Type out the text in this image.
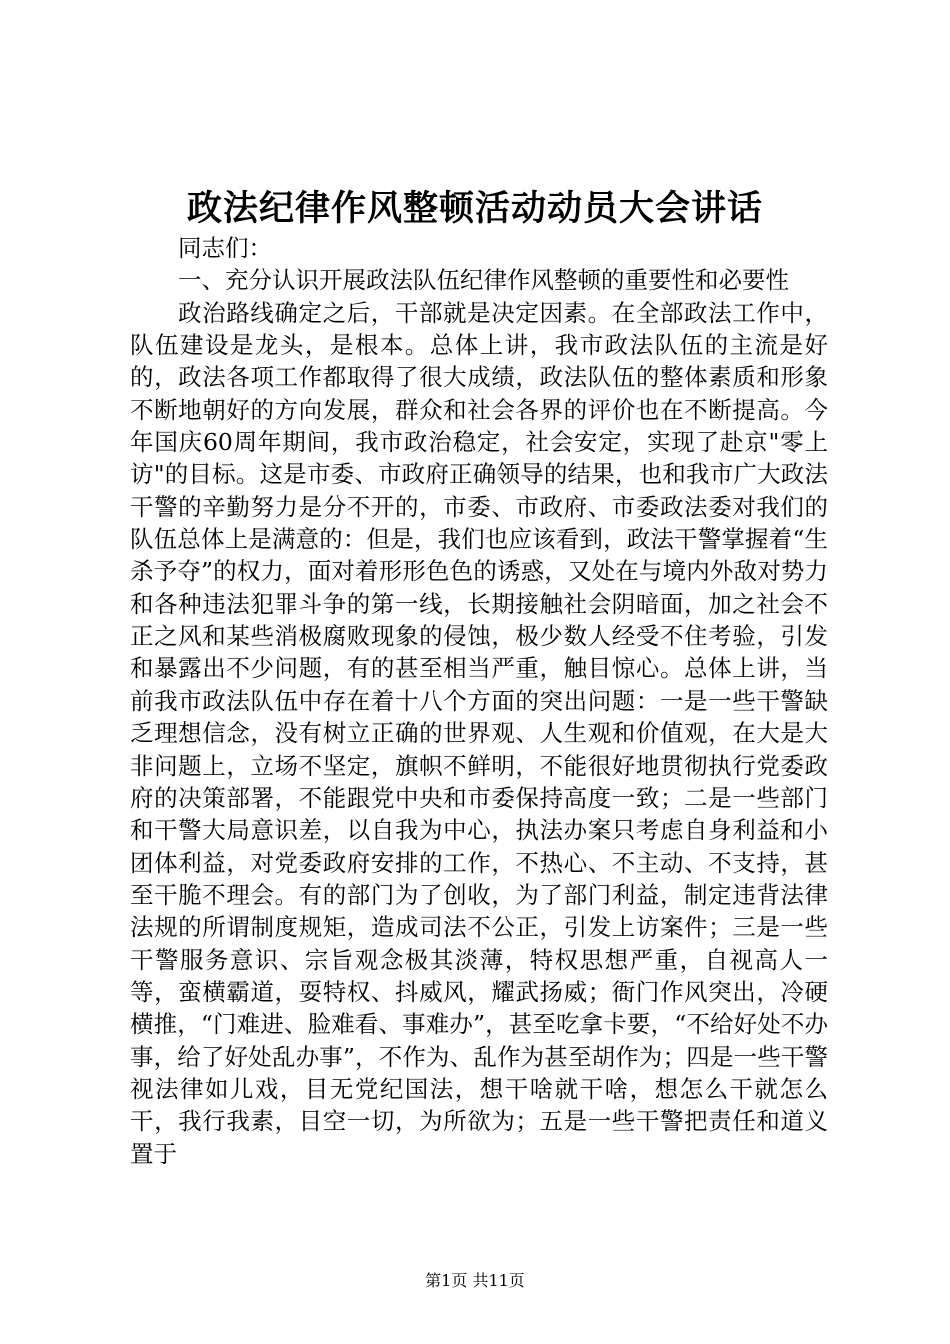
政法纪律作风整顿活动动员大会讲话

同志们：

一、充分认识开展政法队伍纪律作风整顿的重要性和必要性

政治路线确定之后，干部就是决定因素。在全部政法工作中，队伍建设是龙头，是根本。总体上讲，我市政法队伍的主流是好的，政法各项工作都取得了很大成绩，政法队伍的整体素质和形象不断地朝好的方向发展，群众和社会各界的评价也在不断提高。今年国庆60周年期间，我市政治稳定，社会安定，实现了赴京"零上访"的目标。这是市委、市政府正确领导的结果，也和我市广大政法干警的辛勤努力是分不开的，市委、市政府、市委政法委对我们的队伍总体上是满意的：但是，我们也应该看到，政法干警掌握着“生杀予夺”的权力，面对着形形色色的诱惑，又处在与境内外敌对势力和各种违法犯罪斗争的第一线，长期接触社会阴暗面，加之社会不正之风和某些消极腐败现象的侵蚀，极少数人经受不住考验，引发和暴露出不少问题，有的甚至相当严重，触目惊心。总体上讲，当前我市政法队伍中存在着十八个方面的突出问题：一是一些干警缺乏理想信念，没有树立正确的世界观、人生观和价值观，在大是大非问题上，立场不坚定，旗帜不鲜明，不能很好地贯彻执行党委政府的决策部署，不能跟党中央和市委保持高度一致；二是一些部门和干警大局意识差，以自我为中心，执法办案只考虑自身利益和小团体利益，对党委政府安排的工作，不热心、不主动、不支持，甚至干脆不理会。有的部门为了创收，为了部门利益，制定违背法律法规的所谓制度规矩，造成司法不公正，引发上访案件；三是一些干警服务意识、宗旨观念极其淡薄，特权思想严重，自视高人一等，蛮横霸道，耍特权、抖威风，耀武扬威；衙门作风突出，冷硬横推，“门难进、脸难看、事难办”，甚至吃拿卡要，“不给好处不办事，给了好处乱办事”，不作为、乱作为甚至胡作为；四是一些干警视法律如儿戏，目无党纪国法，想干啥就干啥，想怎么干就怎么干，我行我素，目空一切，为所欲为；五是一些干警把责任和道义置于

第1页 共11页
